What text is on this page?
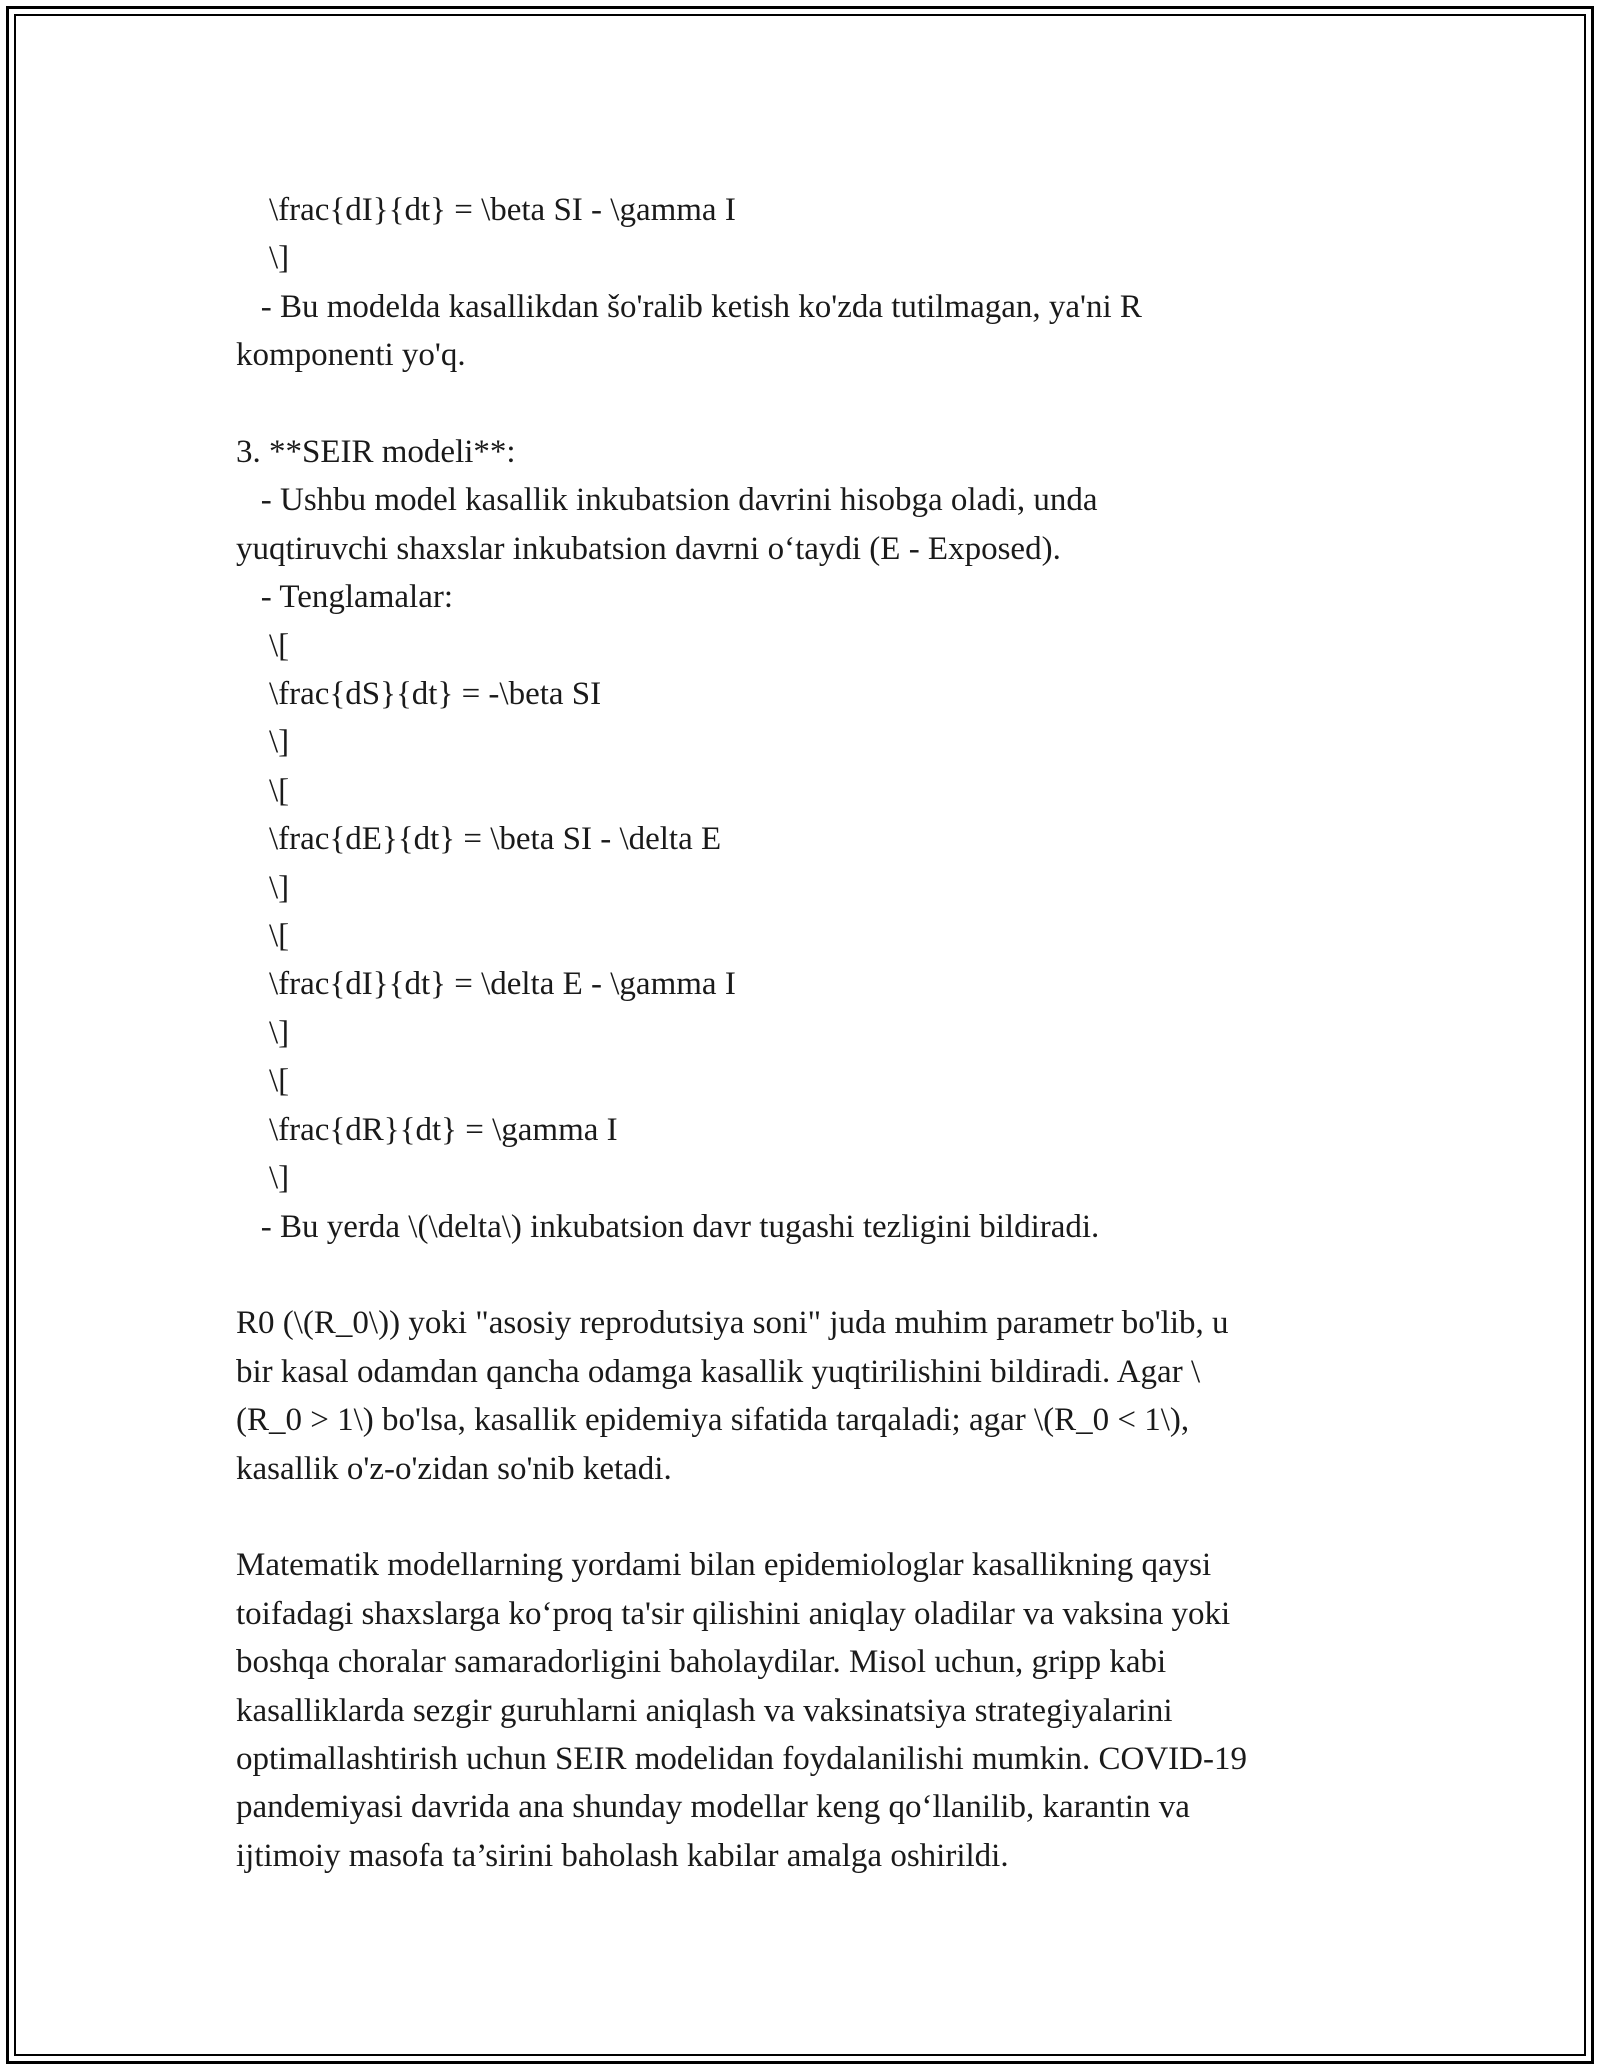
\frac{dI}{dt} = \beta SI - \gamma I
\]
- Bu modelda kasallikdan šo'ralib ketish ko'zda tutilmagan, ya'ni R
komponenti yo'q.
3. **SEIR modeli**:
- Ushbu model kasallik inkubatsion davrini hisobga oladi, unda
yuqtiruvchi shaxslar inkubatsion davrni o‘taydi (E - Exposed).
- Tenglamalar:
\[
\frac{dS}{dt} = -\beta SI
\]
\[
\frac{dE}{dt} = \beta SI - \delta E
\]
\[
\frac{dI}{dt} = \delta E - \gamma I
\]
\[
\frac{dR}{dt} = \gamma I
\]
- Bu yerda \(\delta\) inkubatsion davr tugashi tezligini bildiradi.
R0 (\(R_0\)) yoki "asosiy reprodutsiya soni" juda muhim parametr bo'lib, u
bir kasal odamdan qancha odamga kasallik yuqtirilishini bildiradi. Agar \
(R_0 > 1\) bo'lsa, kasallik epidemiya sifatida tarqaladi; agar \(R_0 < 1\),
kasallik o'z-o'zidan so'nib ketadi.
Matematik modellarning yordami bilan epidemiologlar kasallikning qaysi
toifadagi shaxslarga ko‘proq ta'sir qilishini aniqlay oladilar va vaksina yoki
boshqa choralar samaradorligini baholaydilar. Misol uchun, gripp kabi
kasalliklarda sezgir guruhlarni aniqlash va vaksinatsiya strategiyalarini
optimallashtirish uchun SEIR modelidan foydalanilishi mumkin. COVID-19
pandemiyasi davrida ana shunday modellar keng qo‘llanilib, karantin va
ijtimoiy masofa ta’sirini baholash kabilar amalga oshirildi.
